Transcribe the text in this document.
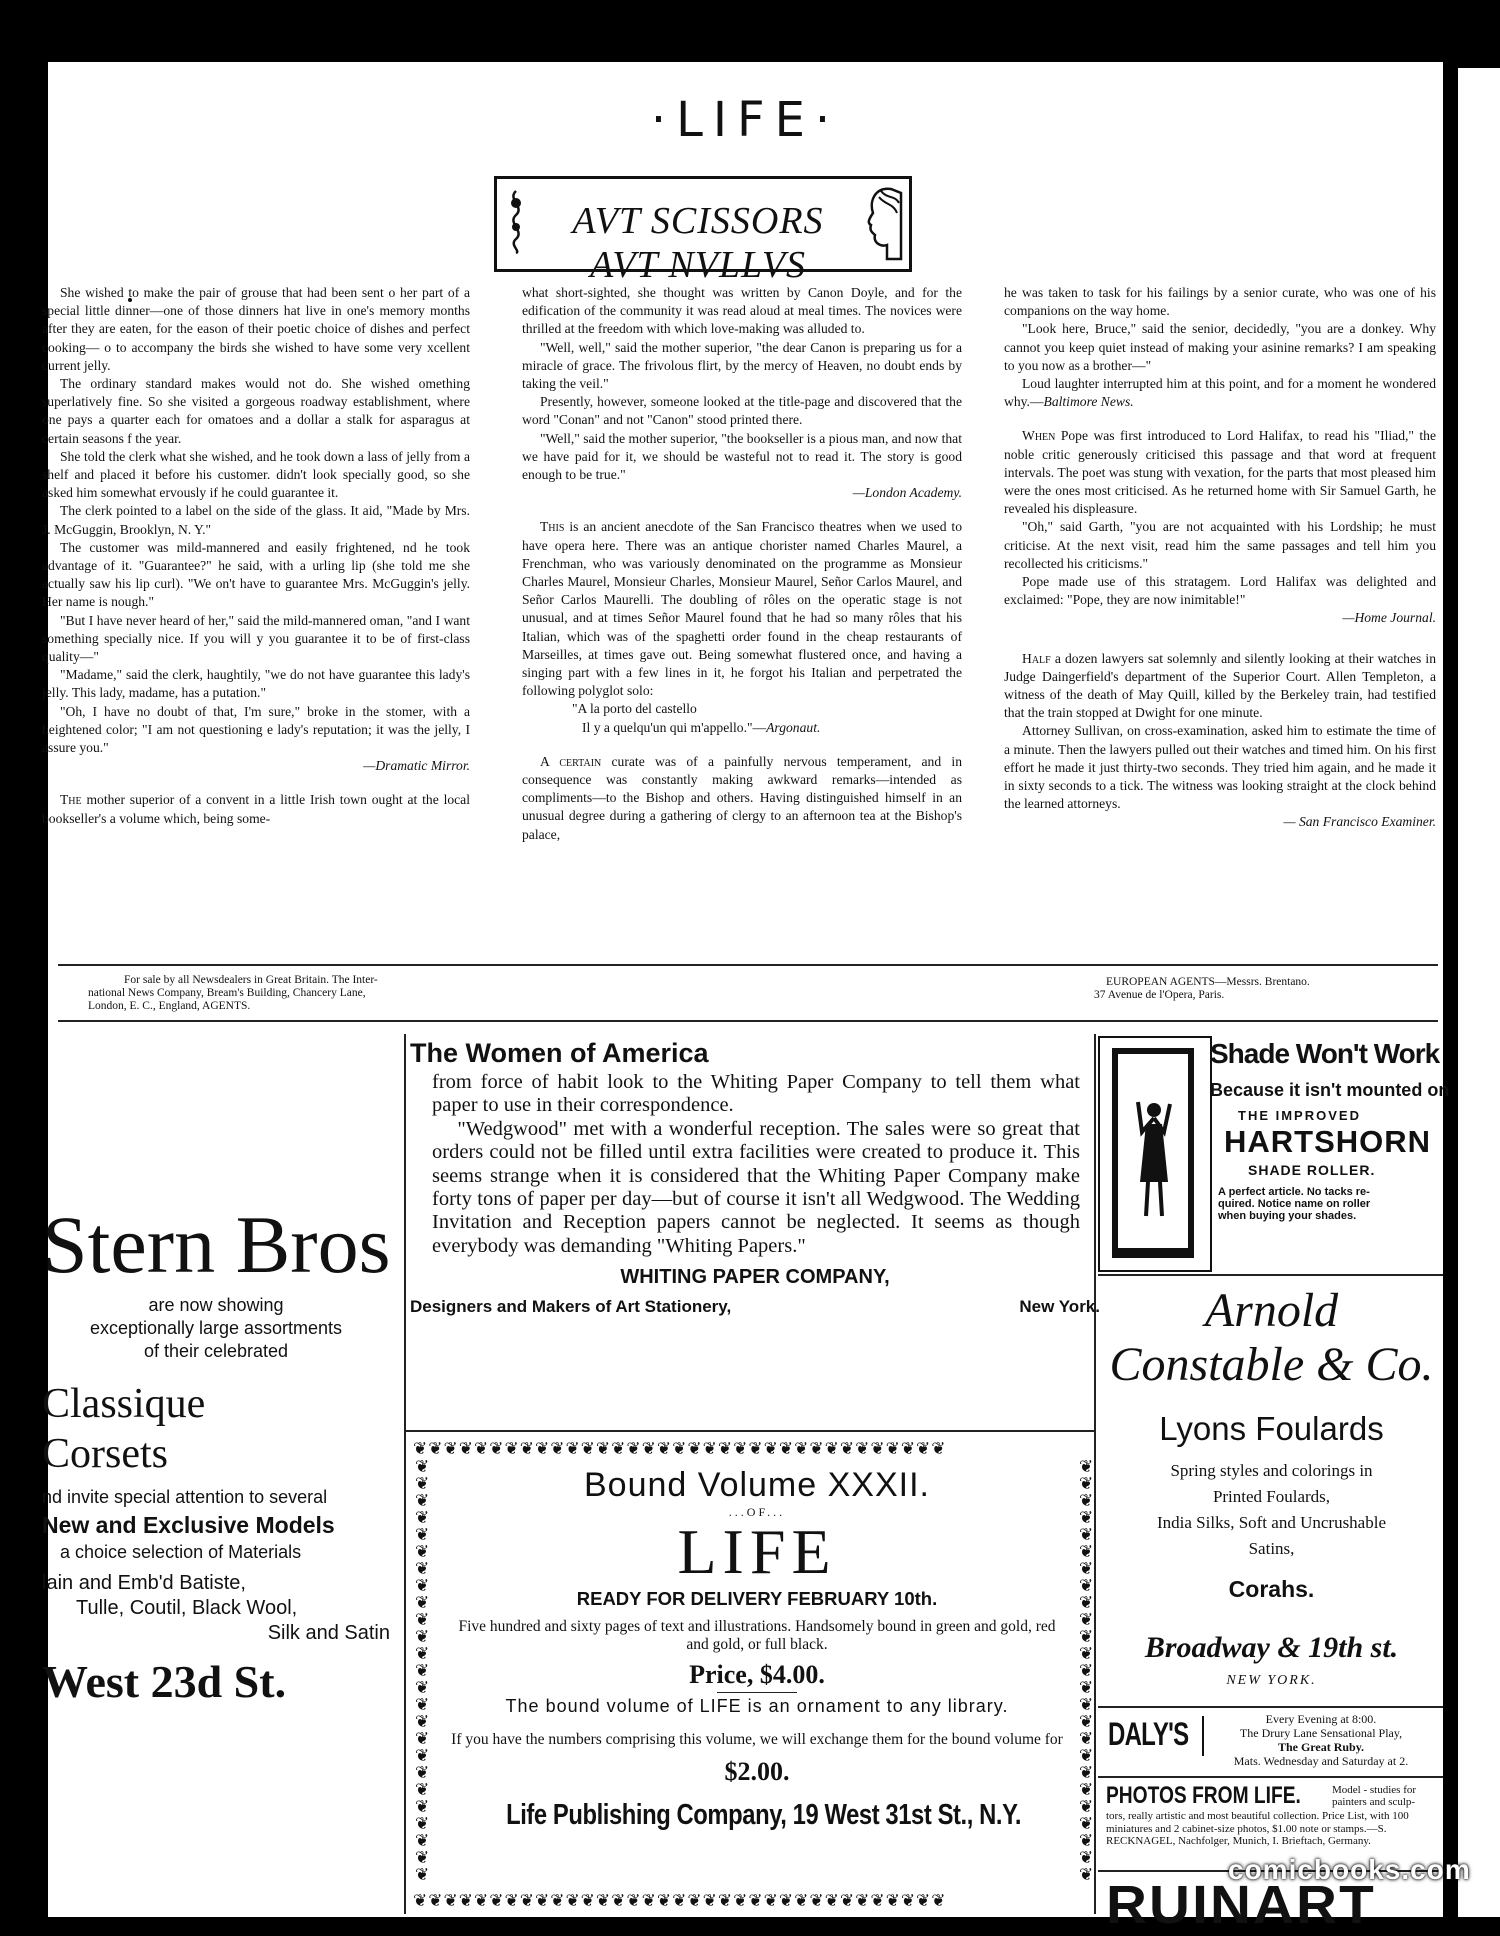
·LIFE·
AVT SCISSORS AVT NVLLVS

She wished to make the pair of grouse that had been sent o her part of a special little dinner—one of those dinners hat live in one's memory months after they are eaten, for the eason of their poetic choice of dishes and perfect cooking— o to accompany the birds she wished to have some very xcellent current jelly.

The ordinary standard makes would not do. She wished omething superlatively fine. So she visited a gorgeous roadway establishment, where one pays a quarter each for omatoes and a dollar a stalk for asparagus at certain seasons f the year.

She told the clerk what she wished, and he took down a lass of jelly from a shelf and placed it before his customer. didn't look specially good, so she asked him somewhat ervously if he could guarantee it.

The clerk pointed to a label on the side of the glass. It aid, "Made by Mrs. J. McGuggin, Brooklyn, N. Y."

The customer was mild-mannered and easily frightened, nd he took advantage of it. "Guarantee?" he said, with a urling lip (she told me she actually saw his lip curl). "We on't have to guarantee Mrs. McGuggin's jelly. Her name is nough."

"But I have never heard of her," said the mild-mannered oman, "and I want something specially nice. If you will y you guarantee it to be of first-class quality—"

"Madame," said the clerk, haughtily, "we do not have guarantee this lady's jelly. This lady, madame, has a putation."

"Oh, I have no doubt of that, I'm sure," broke in the stomer, with a heightened color; "I am not questioning e lady's reputation; it was the jelly, I assure you."

—Dramatic Mirror.

The mother superior of a convent in a little Irish town ought at the local bookseller's a volume which, being some-

what short-sighted, she thought was written by Canon Doyle, and for the edification of the community it was read aloud at meal times. The novices were thrilled at the freedom with which love-making was alluded to.

"Well, well," said the mother superior, "the dear Canon is preparing us for a miracle of grace. The frivolous flirt, by the mercy of Heaven, no doubt ends by taking the veil."

Presently, however, someone looked at the title-page and discovered that the word "Conan" and not "Canon" stood printed there.

"Well," said the mother superior, "the bookseller is a pious man, and now that we have paid for it, we should be wasteful not to read it. The story is good enough to be true."

—London Academy.

This is an ancient anecdote of the San Francisco theatres when we used to have opera here. There was an antique chorister named Charles Maurel, a Frenchman, who was variously denominated on the programme as Monsieur Charles Maurel, Monsieur Charles, Monsieur Maurel, Señor Carlos Maurel, and Señor Carlos Maurelli. The doubling of rôles on the operatic stage is not unusual, and at times Señor Maurel found that he had so many rôles that his Italian, which was of the spaghetti order found in the cheap restaurants of Marseilles, at times gave out. Being somewhat flustered once, and having a singing part with a few lines in it, he forgot his Italian and perpetrated the following polyglot solo:

"A la porto del castello

Il y a quelqu'un qui m'appello."—Argonaut.

A certain curate was of a painfully nervous temperament, and in consequence was constantly making awkward remarks—intended as compliments—to the Bishop and others. Having distinguished himself in an unusual degree during a gathering of clergy to an afternoon tea at the Bishop's palace,

he was taken to task for his failings by a senior curate, who was one of his companions on the way home.

"Look here, Bruce," said the senior, decidedly, "you are a donkey. Why cannot you keep quiet instead of making your asinine remarks? I am speaking to you now as a brother—"

Loud laughter interrupted him at this point, and for a moment he wondered why.—Baltimore News.

When Pope was first introduced to Lord Halifax, to read his "Iliad," the noble critic generously criticised this passage and that word at frequent intervals. The poet was stung with vexation, for the parts that most pleased him were the ones most criticised. As he returned home with Sir Samuel Garth, he revealed his displeasure.

"Oh," said Garth, "you are not acquainted with his Lordship; he must criticise. At the next visit, read him the same passages and tell him you recollected his criticisms."

Pope made use of this stratagem. Lord Halifax was delighted and exclaimed: "Pope, they are now inimitable!"

—Home Journal.

Half a dozen lawyers sat solemnly and silently looking at their watches in Judge Daingerfield's department of the Superior Court. Allen Templeton, a witness of the death of May Quill, killed by the Berkeley train, had testified that the train stopped at Dwight for one minute.

Attorney Sullivan, on cross-examination, asked him to estimate the time of a minute. Then the lawyers pulled out their watches and timed him. On his first effort he made it just thirty-two seconds. They tried him again, and he made it in sixty seconds to a tick. The witness was looking straight at the clock behind the learned attorneys.

— San Francisco Examiner.

For sale by all Newsdealers in Great Britain. The Inter-
national News Company, Bream's Building, Chancery Lane,
London, E. C., England, AGENTS.
EUROPEAN AGENTS—Messrs. Brentano.
37 Avenue de l'Opera, Paris.
Stern Bros
are now showing
exceptionally large assortments
of their celebrated
Classique
Corsets
nd invite special attention to several
New and Exclusive Models
a choice selection of Materials
lain and Emb'd Batiste,
Tulle, Coutil, Black Wool,
Silk and Satin
West 23d St.
The Women of America

from force of habit look to the Whiting Paper Company to tell them what paper to use in their correspondence.

"Wedgwood" met with a wonderful reception. The sales were so great that orders could not be filled until extra facilities were created to produce it. This seems strange when it is considered that the Whiting Paper Company make forty tons of paper per day—but of course it isn't all Wedgwood. The Wedding Invitation and Reception papers cannot be neglected. It seems as though everybody was demanding "Whiting Papers."

WHITING PAPER COMPANY,
Designers and Makers of Art Stationery,	New York.
❦❦❦❦❦❦❦❦❦❦❦❦❦❦❦❦❦❦❦❦❦❦❦❦❦❦❦❦❦❦❦❦❦❦❦
❦❦❦❦❦❦❦❦❦❦❦❦❦❦❦❦❦❦❦❦❦❦❦❦❦❦❦❦❦❦❦❦❦❦❦
❦❦❦❦❦❦❦❦❦❦❦❦❦❦❦❦❦❦❦❦❦❦❦❦❦
❦❦❦❦❦❦❦❦❦❦❦❦❦❦❦❦❦❦❦❦❦❦❦❦❦
Bound Volume XXXII.
...OF...
LIFE
READY FOR DELIVERY FEBRUARY 10th.
Five hundred and sixty pages of text and illustrations. Handsomely bound in green and gold, red and gold, or full black.
Price, $4.00.
The bound volume of LIFE is an ornament to any library.
If you have the numbers comprising this volume, we will exchange them for the bound volume for
$2.00.
Life Publishing Company, 19 West 31st St., N.Y.
Shade Won't Work
Because it isn't mounted on
THE IMPROVED
HARTSHORN
SHADE ROLLER.
A perfect article. No tacks re-
quired. Notice name on roller
when buying your shades.
Arnold
Constable & Co.
Lyons Foulards
Spring styles and colorings in
Printed Foulards,
India Silks, Soft and Uncrushable
Satins,
Corahs.
Broadway & 19th st.
NEW YORK.
DALY'S	Every Evening at 8:00.
The Drury Lane Sensational Play,
The Great Ruby.
Mats. Wednesday and Saturday at 2.
PHOTOS FROM LIFE.	Model - studies for painters and sculp-
tors, really artistic and most beautiful collection. Price List, with 100 miniatures and 2 cabinet-size photos, $1.00 note or stamps.—S. RECKNAGEL, Nachfolger, Munich, I. Brieftach, Germany.
RUINART
comicbooks.com
